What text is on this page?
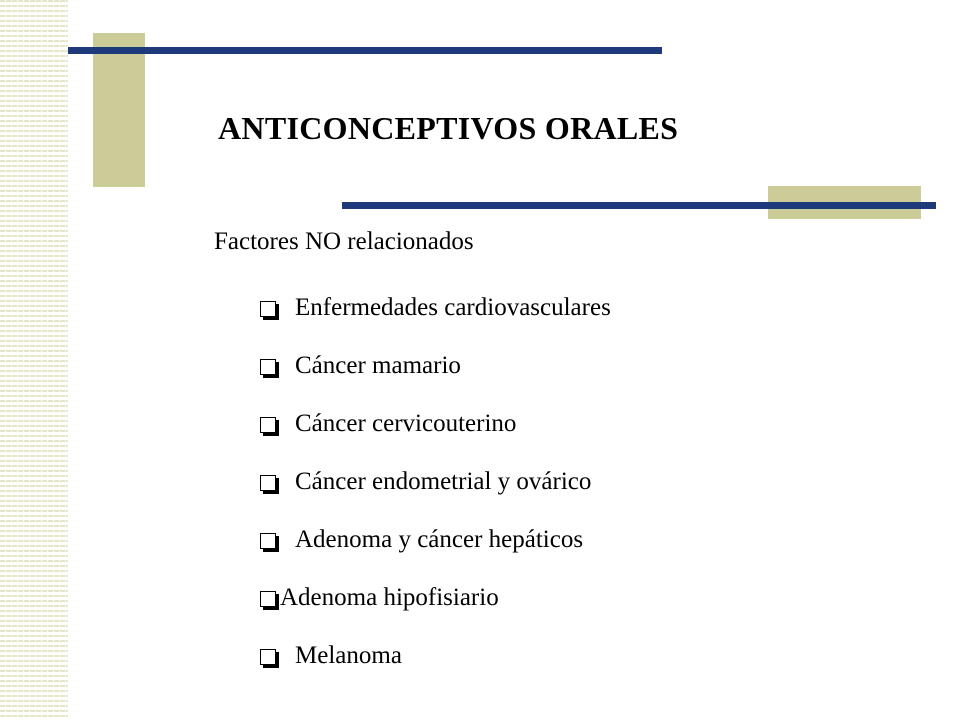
ANTICONCEPTIVOS ORALES
Factores NO relacionados
Enfermedades cardiovasculares
Cáncer mamario
Cáncer cervicouterino
Cáncer endometrial y ovárico
Adenoma y cáncer hepáticos
Adenoma hipofisiario
Melanoma
